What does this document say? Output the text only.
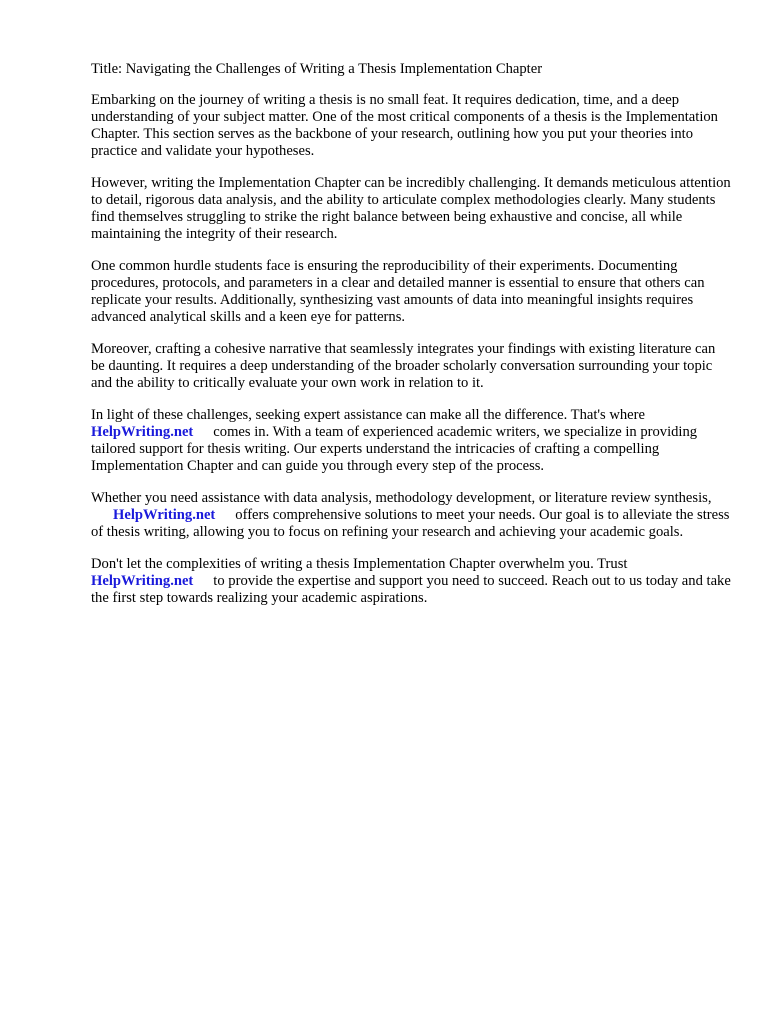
Title: Navigating the Challenges of Writing a Thesis Implementation Chapter

Embarking on the journey of writing a thesis is no small feat. It requires dedication, time, and a deep understanding of your subject matter. One of the most critical components of a thesis is the Implementation Chapter. This section serves as the backbone of your research, outlining how you put your theories into practice and validate your hypotheses.

However, writing the Implementation Chapter can be incredibly challenging. It demands meticulous attention to detail, rigorous data analysis, and the ability to articulate complex methodologies clearly. Many students find themselves struggling to strike the right balance between being exhaustive and concise, all while maintaining the integrity of their research.

One common hurdle students face is ensuring the reproducibility of their experiments. Documenting procedures, protocols, and parameters in a clear and detailed manner is essential to ensure that others can replicate your results. Additionally, synthesizing vast amounts of data into meaningful insights requires advanced analytical skills and a keen eye for patterns.

Moreover, crafting a cohesive narrative that seamlessly integrates your findings with existing literature can be daunting. It requires a deep understanding of the broader scholarly conversation surrounding your topic and the ability to critically evaluate your own work in relation to it.

In light of these challenges, seeking expert assistance can make all the difference. That's where
HelpWriting.net comes in. With a team of experienced academic writers, we specialize in providing tailored support for thesis writing. Our experts understand the intricacies of crafting a compelling Implementation Chapter and can guide you through every step of the process.

Whether you need assistance with data analysis, methodology development, or literature review synthesis,HelpWriting.net offers comprehensive solutions to meet your needs. Our goal is to alleviate the stress of thesis writing, allowing you to focus on refining your research and achieving your academic goals.

Don't let the complexities of writing a thesis Implementation Chapter overwhelm you. Trust
HelpWriting.net to provide the expertise and support you need to succeed. Reach out to us today and take the first step towards realizing your academic aspirations.
